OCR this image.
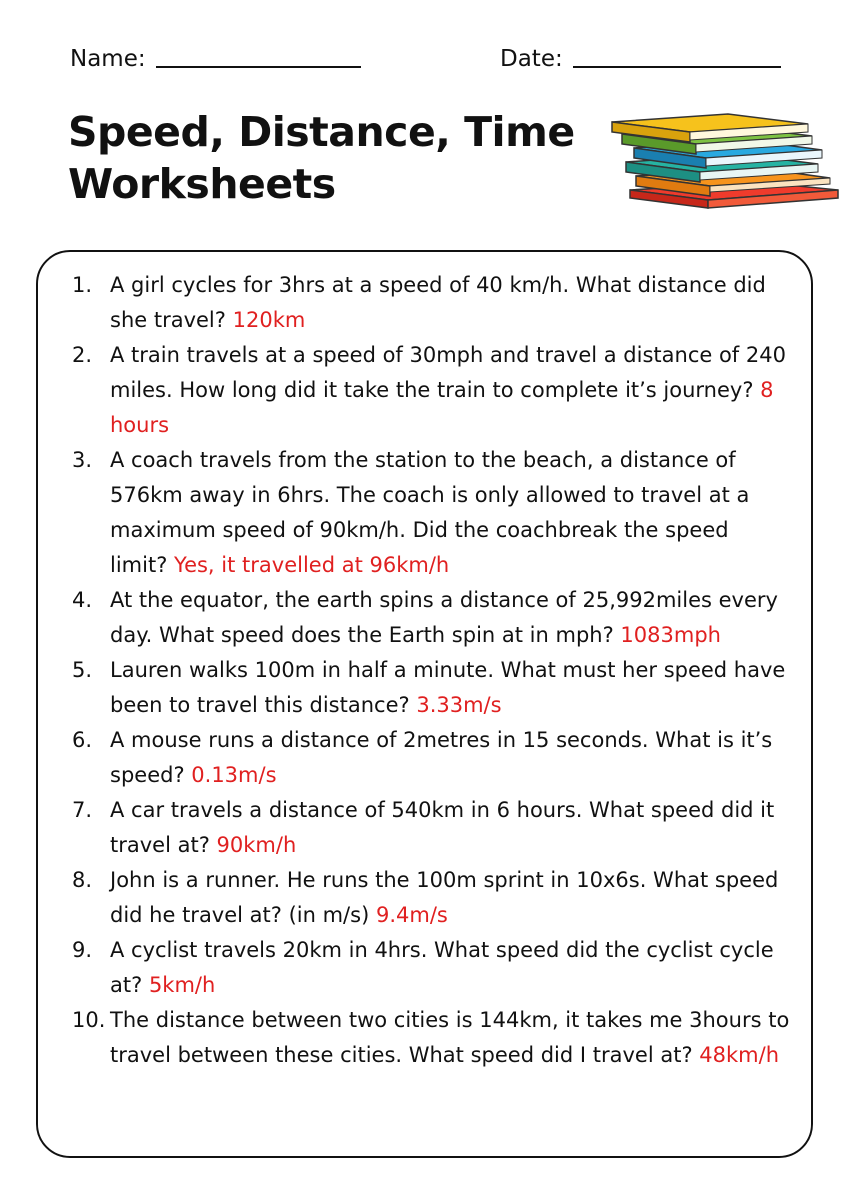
Name:	Date:
Speed, Distance, Time Worksheets
1. A girl cycles for 3hrs at a speed of 40 km/h. What distance did she travel? 120km
2. A train travels at a speed of 30mph and travel a distance of 240 miles. How long did it take the train to complete it’s journey? 8 hours
3. A coach travels from the station to the beach, a distance of 576km away in 6hrs. The coach is only allowed to travel at a maximum speed of 90km/h. Did the coachbreak the speed limit? Yes, it travelled at 96km/h
4. At the equator, the earth spins a distance of 25,992miles every day. What speed does the Earth spin at in mph? 1083mph
5. Lauren walks 100m in half a minute. What must her speed have been to travel this distance? 3.33m/s
6. A mouse runs a distance of 2metres in 15 seconds. What is it’s speed? 0.13m/s
7. A car travels a distance of 540km in 6 hours. What speed did it travel at? 90km/h
8. John is a runner. He runs the 100m sprint in 10x6s. What speed did he travel at? (in m/s) 9.4m/s
9. A cyclist travels 20km in 4hrs. What speed did the cyclist cycle at? 5km/h
10. The distance between two cities is 144km, it takes me 3hours to travel between these cities. What speed did I travel at? 48km/h
